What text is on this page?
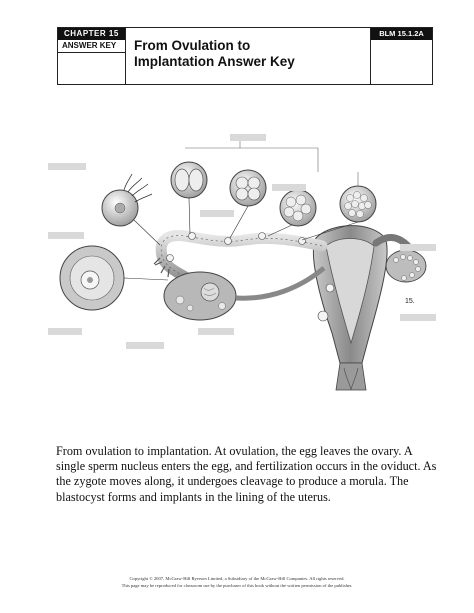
CHAPTER 15
ANSWER KEY	From Ovulation to
Implantation Answer Key
BLM 15.1.2A
15.
From ovulation to implantation. At ovulation, the egg leaves the ovary. A single sperm nucleus enters the egg, and fertilization occurs in the oviduct. As the zygote moves along, it undergoes cleavage to produce a morula. The blastocyst forms and implants in the lining of the uterus.
Copyright © 2007, McGraw-Hill Ryerson Limited, a Subsidiary of the McGraw-Hill Companies. All rights reserved.
This page may be reproduced for classroom use by the purchaser of this book without the written permission of the publisher.
